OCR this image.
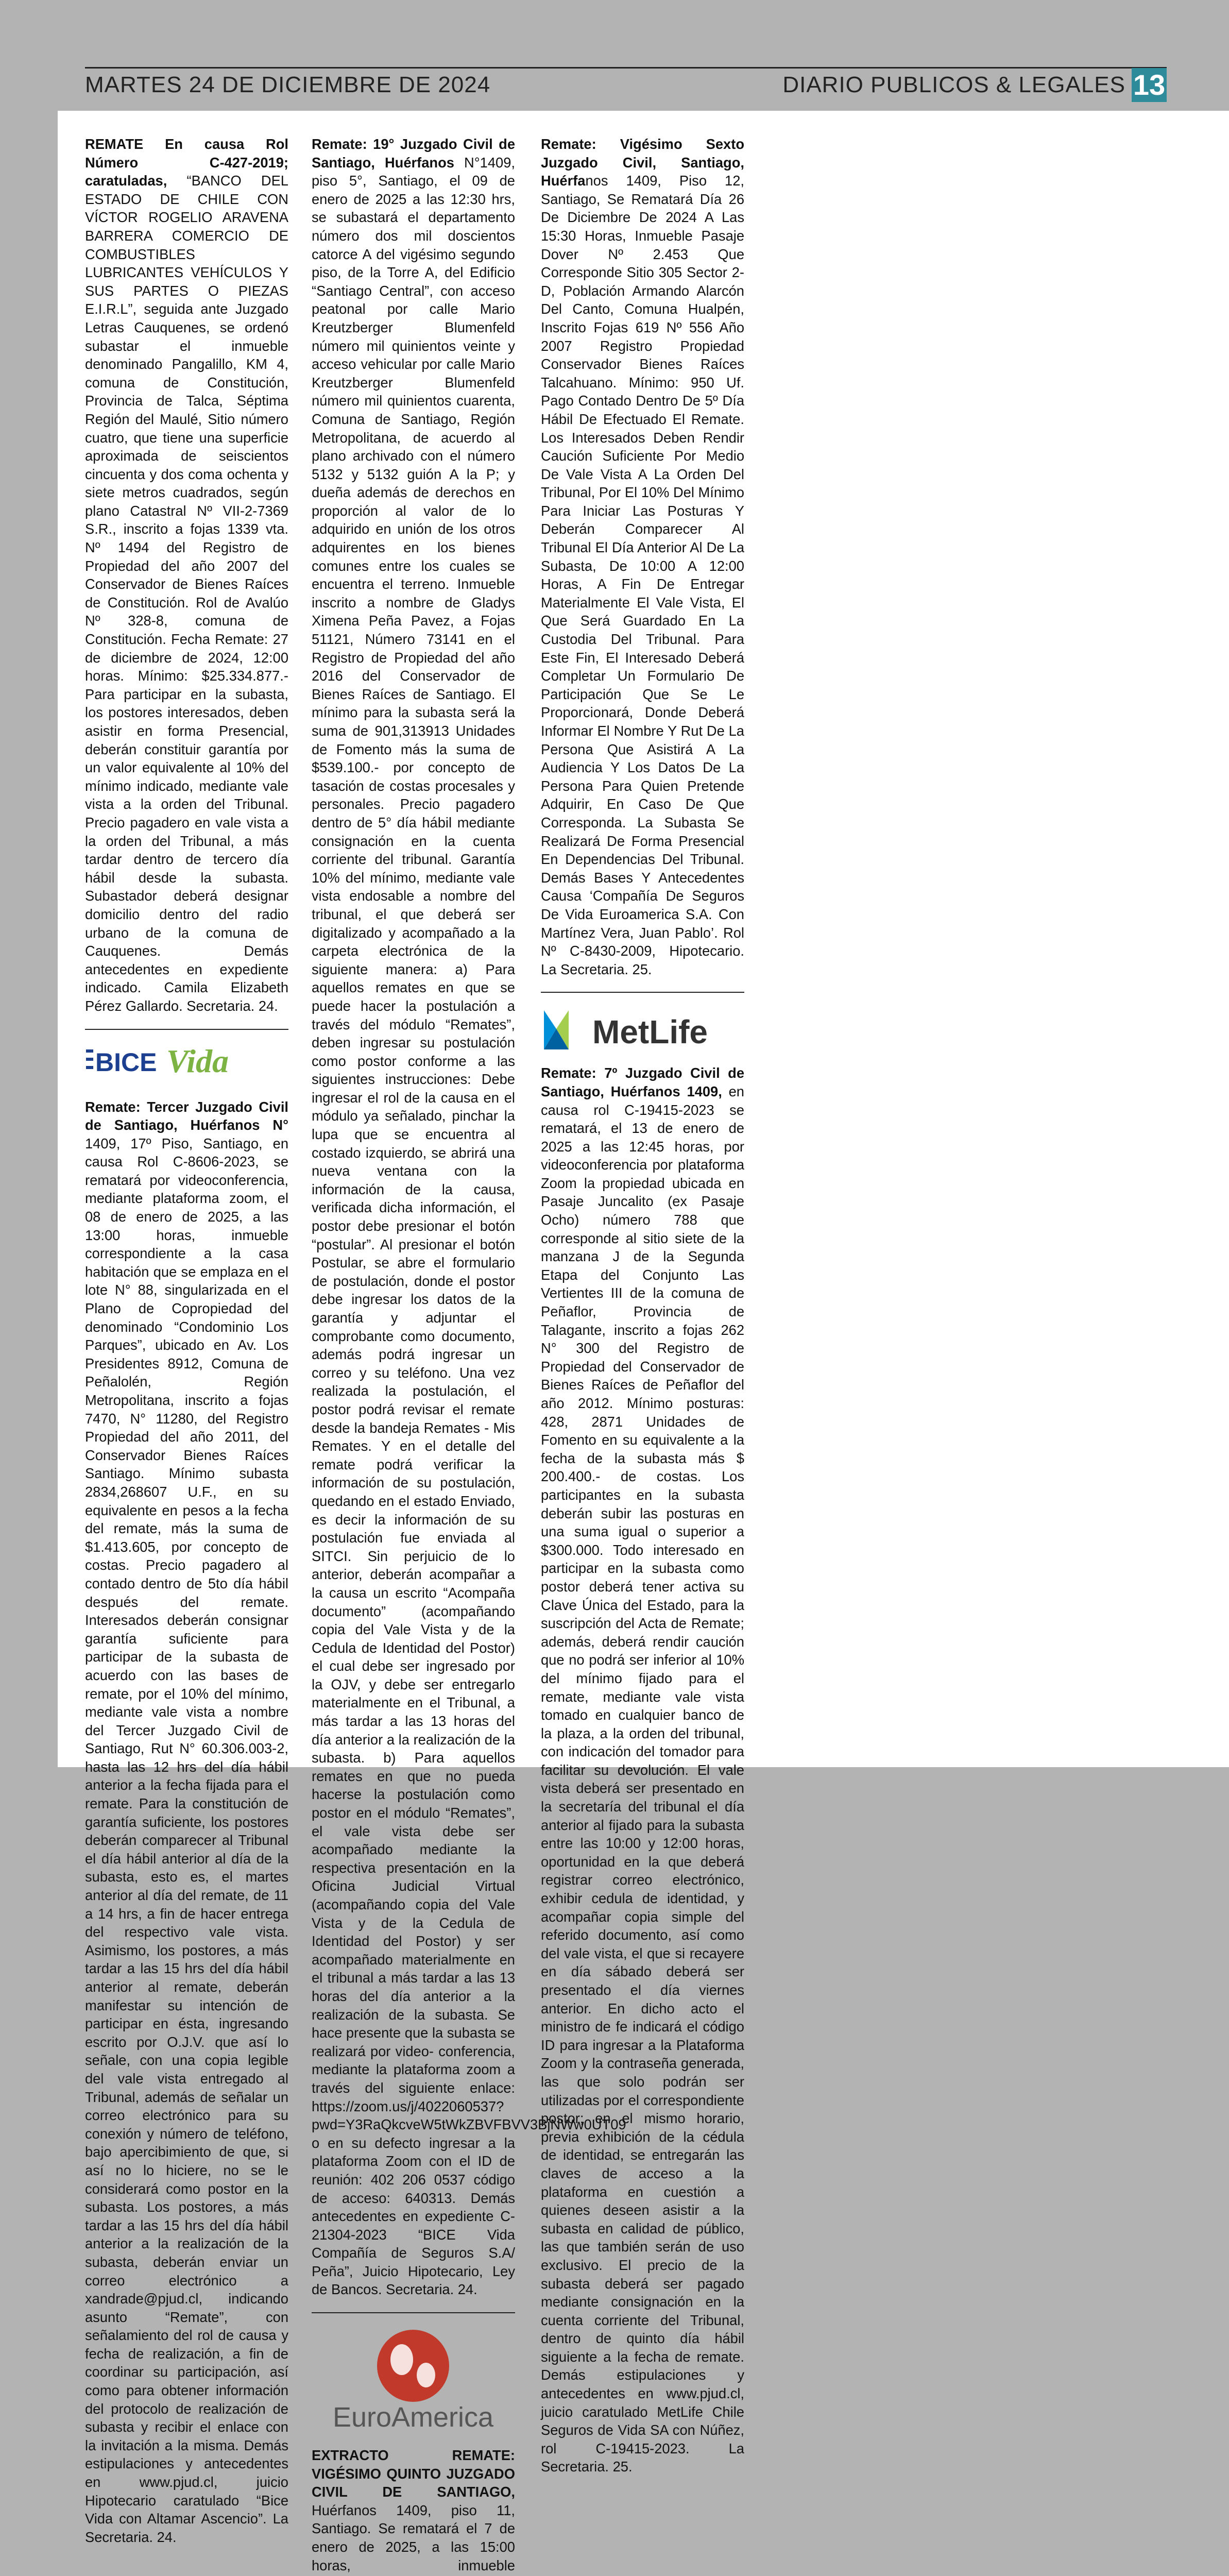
MARTES 24 DE DICIEMBRE DE 2024	DIARIO PUBLICOS & LEGALES 13

REMATE En causa Rol Número C-427-2019; caratuladas, “BANCO DEL ESTADO DE CHILE CON VÍCTOR ROGELIO ARAVENA BARRERA COMERCIO DE COMBUSTIBLES LUBRICANTES VEHÍCULOS Y SUS PARTES O PIEZAS E.I.R.L”, seguida ante Juzgado Letras Cauquenes, se ordenó subastar el inmueble denominado Pangalillo, KM 4, comuna de Constitución, Provincia de Talca, Séptima Región del Maulé, Sitio número cuatro, que tiene una superficie aproximada de seiscientos cincuenta y dos coma ochenta y siete metros cuadrados, según plano Catastral Nº VII-2-7369 S.R., inscrito a fojas 1339 vta. Nº 1494 del Registro de Propiedad del año 2007 del Conservador de Bienes Raíces de Constitución. Rol de Avalúo Nº 328-8, comuna de Constitución. Fecha Remate: 27 de diciembre de 2024, 12:00 horas. Mínimo: $25.334.877.- Para participar en la subasta, los postores interesados, deben asistir en forma Presencial, deberán constituir garantía por un valor equivalente al 10% del mínimo indicado, mediante vale vista a la orden del Tribunal. Precio pagadero en vale vista a la orden del Tribunal, a más tardar dentro de tercero día hábil desde la subasta. Subastador deberá designar domicilio dentro del radio urbano de la comuna de Cauquenes. Demás antecedentes en expediente indicado. Camila Elizabeth Pérez Gallardo. Secretaria. 24.

BICE Vida

Remate: Tercer Juzgado Civil de Santiago, Huérfanos N° 1409, 17º Piso, Santiago, en causa Rol C-8606-2023, se rematará por videoconferencia, mediante plataforma zoom, el 08 de enero de 2025, a las 13:00 horas, inmueble correspondiente a la casa habitación que se emplaza en el lote N° 88, singularizada en el Plano de Copropiedad del denominado “Condominio Los Parques”, ubicado en Av. Los Presidentes 8912, Comuna de Peñalolén, Región Metropolitana, inscrito a fojas 7470, N° 11280, del Registro Propiedad del año 2011, del Conservador Bienes Raíces Santiago. Mínimo subasta 2834,268607 U.F., en su equivalente en pesos a la fecha del remate, más la suma de $1.413.605, por concepto de costas. Precio pagadero al contado dentro de 5to día hábil después del remate. Interesados deberán consignar garantía suficiente para participar de la subasta de acuerdo con las bases de remate, por el 10% del mínimo, mediante vale vista a nombre del Tercer Juzgado Civil de Santiago, Rut N° 60.306.003-2, hasta las 12 hrs del día hábil anterior a la fecha fijada para el remate. Para la constitución de garantía suficiente, los postores deberán comparecer al Tribunal el día hábil anterior al día de la subasta, esto es, el martes anterior al día del remate, de 11 a 14 hrs, a fin de hacer entrega del respectivo vale vista. Asimismo, los postores, a más tardar a las 15 hrs del día hábil anterior al remate, deberán manifestar su intención de participar en ésta, ingresando escrito por O.J.V. que así lo señale, con una copia legible del vale vista entregado al Tribunal, además de señalar un correo electrónico para su conexión y número de teléfono, bajo apercibimiento de que, si así no lo hiciere, no se le considerará como postor en la subasta. Los postores, a más tardar a las 15 hrs del día hábil anterior a la realización de la subasta, deberán enviar un correo electrónico a xandrade@pjud.cl, indicando asunto “Remate”, con señalamiento del rol de causa y fecha de realización, a fin de coordinar su participación, así como para obtener información del protocolo de realización de subasta y recibir el enlace con la invitación a la misma. Demás estipulaciones y antecedentes en www.pjud.cl, juicio Hipotecario caratulado “Bice Vida con Altamar Ascencio”. La Secretaria. 24.

Remate: 19° Juzgado Civil de Santiago, Huérfanos N°1409, piso 5°, Santiago, el 09 de enero de 2025 a las 12:30 hrs, se subastará el departamento número dos mil doscientos catorce A del vigésimo segundo piso, de la Torre A, del Edificio “Santiago Central”, con acceso peatonal por calle Mario Kreutzberger Blumenfeld número mil quinientos veinte y acceso vehicular por calle Mario Kreutzberger Blumenfeld número mil quinientos cuarenta, Comuna de Santiago, Región Metropolitana, de acuerdo al plano archivado con el número 5132 y 5132 guión A la P; y dueña además de derechos en proporción al valor de lo adquirido en unión de los otros adquirentes en los bienes comunes entre los cuales se encuentra el terreno. Inmueble inscrito a nombre de Gladys Ximena Peña Pavez, a Fojas 51121, Número 73141 en el Registro de Propiedad del año 2016 del Conservador de Bienes Raíces de Santiago. El mínimo para la subasta será la suma de 901,313913 Unidades de Fomento más la suma de $539.100.- por concepto de tasación de costas procesales y personales. Precio pagadero dentro de 5° día hábil mediante consignación en la cuenta corriente del tribunal. Garantía 10% del mínimo, mediante vale vista endosable a nombre del tribunal, el que deberá ser digitalizado y acompañado a la carpeta electrónica de la siguiente manera: a) Para aquellos remates en que se puede hacer la postulación a través del módulo “Remates”, deben ingresar su postulación como postor conforme a las siguientes instrucciones: Debe ingresar el rol de la causa en el módulo ya señalado, pinchar la lupa que se encuentra al costado izquierdo, se abrirá una nueva ventana con la información de la causa, verificada dicha información, el postor debe presionar el botón “postular”. Al presionar el botón Postular, se abre el formulario de postulación, donde el postor debe ingresar los datos de la garantía y adjuntar el comprobante como documento, además podrá ingresar un correo y su teléfono. Una vez realizada la postulación, el postor podrá revisar el remate desde la bandeja Remates - Mis Remates. Y en el detalle del remate podrá verificar la información de su postulación, quedando en el estado Enviado, es decir la información de su postulación fue enviada al SITCI. Sin perjuicio de lo anterior, deberán acompañar a la causa un escrito “Acompaña documento” (acompañando copia del Vale Vista y de la Cedula de Identidad del Postor) el cual debe ser ingresado por la OJV, y debe ser entregarlo materialmente en el Tribunal, a más tardar a las 13 horas del día anterior a la realización de la subasta. b) Para aquellos remates en que no pueda hacerse la postulación como postor en el módulo “Remates”, el vale vista debe ser acompañado mediante la respectiva presentación en la Oficina Judicial Virtual (acompañando copia del Vale Vista y de la Cedula de Identidad del Postor) y ser acompañado materialmente en el tribunal a más tardar a las 13 horas del día anterior a la realización de la subasta. Se hace presente que la subasta se realizará por video- conferencia, mediante la plataforma zoom a través del siguiente enlace: https://zoom.us/j/4022060537?pwd=Y3RaQkcveW5tWkZBVFBVV3BjNWw0UT09 o en su defecto ingresar a la plataforma Zoom con el ID de reunión: 402 206 0537 código de acceso: 640313. Demás antecedentes en expediente C-21304-2023 “BICE Vida Compañía de Seguros S.A/ Peña”, Juicio Hipotecario, Ley de Bancos. Secretaria. 24.

EuroAmerica

EXTRACTO REMATE: VIGÉSIMO QUINTO JUZGADO CIVIL DE SANTIAGO, Huérfanos 1409, piso 11, Santiago. Se rematará el 7 de enero de 2025, a las 15:00 horas, inmueble

Remate: Vigésimo Sexto Juzgado Civil, Santiago, Huérfanos 1409, Piso 12, Santiago, Se Rematará Día 26 De Diciembre De 2024 A Las 15:30 Horas, Inmueble Pasaje Dover Nº 2.453 Que Corresponde Sitio 305 Sector 2-D, Población Armando Alarcón Del Canto, Comuna Hualpén, Inscrito Fojas 619 Nº 556 Año 2007 Registro Propiedad Conservador Bienes Raíces Talcahuano. Mínimo: 950 Uf. Pago Contado Dentro De 5º Día Hábil De Efectuado El Remate. Los Interesados Deben Rendir Caución Suficiente Por Medio De Vale Vista A La Orden Del Tribunal, Por El 10% Del Mínimo Para Iniciar Las Posturas Y Deberán Comparecer Al Tribunal El Día Anterior Al De La Subasta, De 10:00 A 12:00 Horas, A Fin De Entregar Materialmente El Vale Vista, El Que Será Guardado En La Custodia Del Tribunal. Para Este Fin, El Interesado Deberá Completar Un Formulario De Participación Que Se Le Proporcionará, Donde Deberá Informar El Nombre Y Rut De La Persona Que Asistirá A La Audiencia Y Los Datos De La Persona Para Quien Pretende Adquirir, En Caso De Que Corresponda. La Subasta Se Realizará De Forma Presencial En Dependencias Del Tribunal. Demás Bases Y Antecedentes Causa ‘Compañía De Seguros De Vida Euroamerica S.A. Con Martínez Vera, Juan Pablo’. Rol Nº C-8430-2009, Hipotecario. La Secretaria. 25.

MetLife

Remate: 7º Juzgado Civil de Santiago, Huérfanos 1409, en causa rol C-19415-2023 se rematará, el 13 de enero de 2025 a las 12:45 horas, por videoconferencia por plataforma Zoom la propiedad ubicada en Pasaje Juncalito (ex Pasaje Ocho) número 788 que corresponde al sitio siete de la manzana J de la Segunda Etapa del Conjunto Las Vertientes III de la comuna de Peñaflor, Provincia de Talagante, inscrito a fojas 262 N° 300 del Registro de Propiedad del Conservador de Bienes Raíces de Peñaflor del año 2012. Mínimo posturas: 428, 2871 Unidades de Fomento en su equivalente a la fecha de la subasta más $ 200.400.- de costas. Los participantes en la subasta deberán subir las posturas en una suma igual o superior a $300.000. Todo interesado en participar en la subasta como postor deberá tener activa su Clave Única del Estado, para la suscripción del Acta de Remate; además, deberá rendir caución que no podrá ser inferior al 10% del mínimo fijado para el remate, mediante vale vista tomado en cualquier banco de la plaza, a la orden del tribunal, con indicación del tomador para facilitar su devolución. El vale vista deberá ser presentado en la secretaría del tribunal el día anterior al fijado para la subasta entre las 10:00 y 12:00 horas, oportunidad en la que deberá registrar correo electrónico, exhibir cedula de identidad, y acompañar copia simple del referido documento, así como del vale vista, el que si recayere en día sábado deberá ser presentado el día viernes anterior. En dicho acto el ministro de fe indicará el código ID para ingresar a la Plataforma Zoom y la contraseña generada, las que solo podrán ser utilizadas por el correspondiente postor; en el mismo horario, previa exhibición de la cédula de identidad, se entregarán las claves de acceso a la plataforma en cuestión a quienes deseen asistir a la subasta en calidad de público, las que también serán de uso exclusivo. El precio de la subasta deberá ser pagado mediante consignación en la cuenta corriente del Tribunal, dentro de quinto día hábil siguiente a la fecha de remate. Demás estipulaciones y antecedentes en www.pjud.cl, juicio caratulado MetLife Chile Seguros de Vida SA con Núñez, rol C-19415-2023. La Secretaria. 25.
